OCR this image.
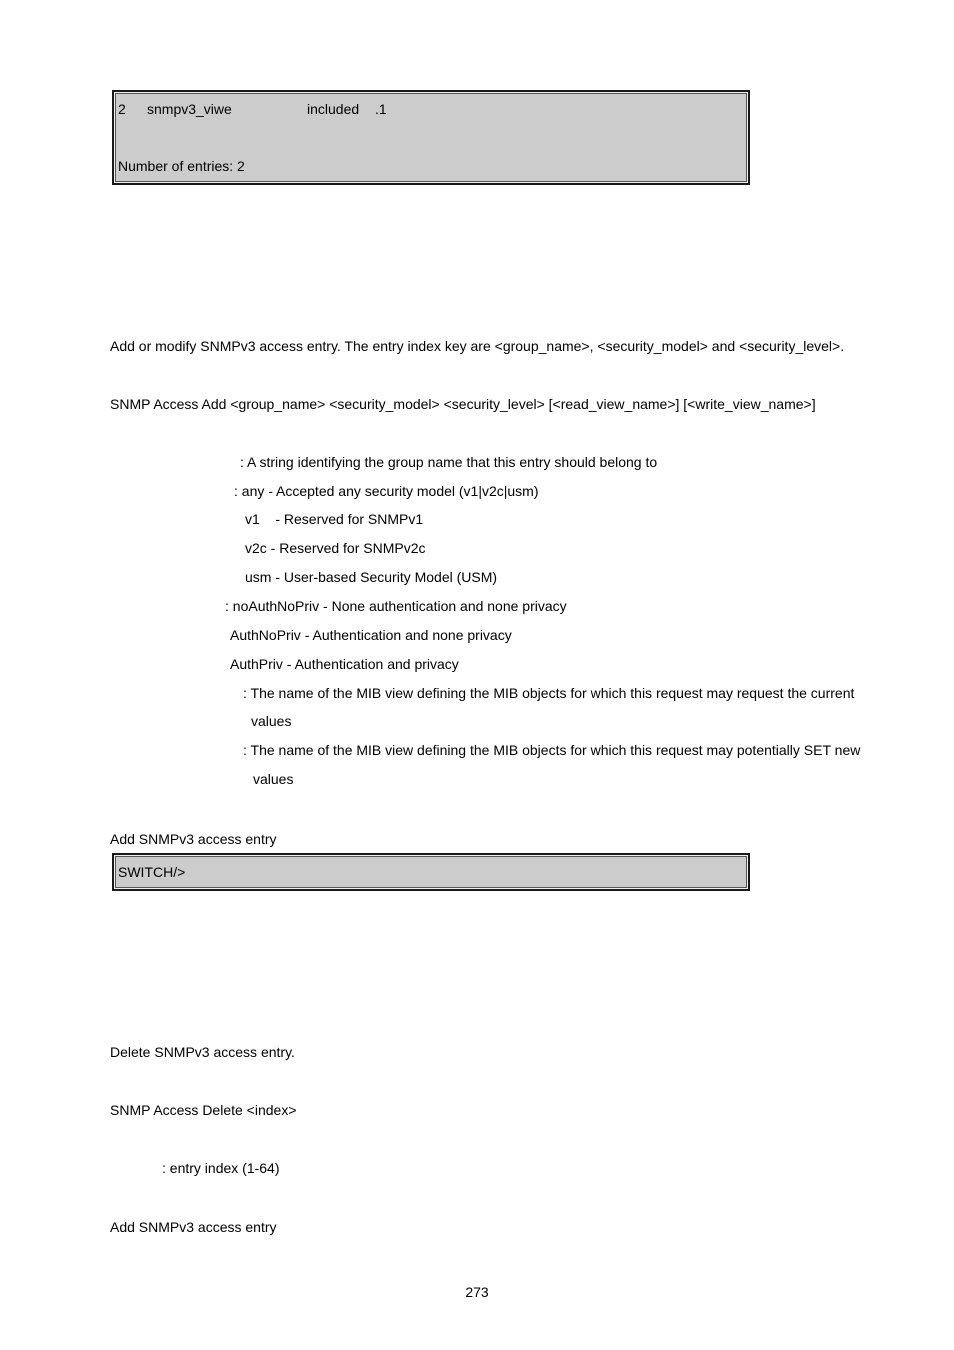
2 snmpv3_viwe	included .1
Number of entries: 2
Add or modify SNMPv3 access entry. The entry index key are <group_name>, <security_model> and <security_level>.
SNMP Access Add <group_name> <security_model> <security_level> [<read_view_name>] [<write_view_name>]
: A string identifying the group name that this entry should belong to
: any - Accepted any security model (v1|v2c|usm)
v1    - Reserved for SNMPv1
v2c - Reserved for SNMPv2c
usm - User-based Security Model (USM)
: noAuthNoPriv - None authentication and none privacy
AuthNoPriv - Authentication and none privacy
AuthPriv - Authentication and privacy
: The name of the MIB view defining the MIB objects for which this request may request the current
values
: The name of the MIB view defining the MIB objects for which this request may potentially SET new
values
Add SNMPv3 access entry
SWITCH/>
Delete SNMPv3 access entry.
SNMP Access Delete <index>
: entry index (1-64)
Add SNMPv3 access entry
273
